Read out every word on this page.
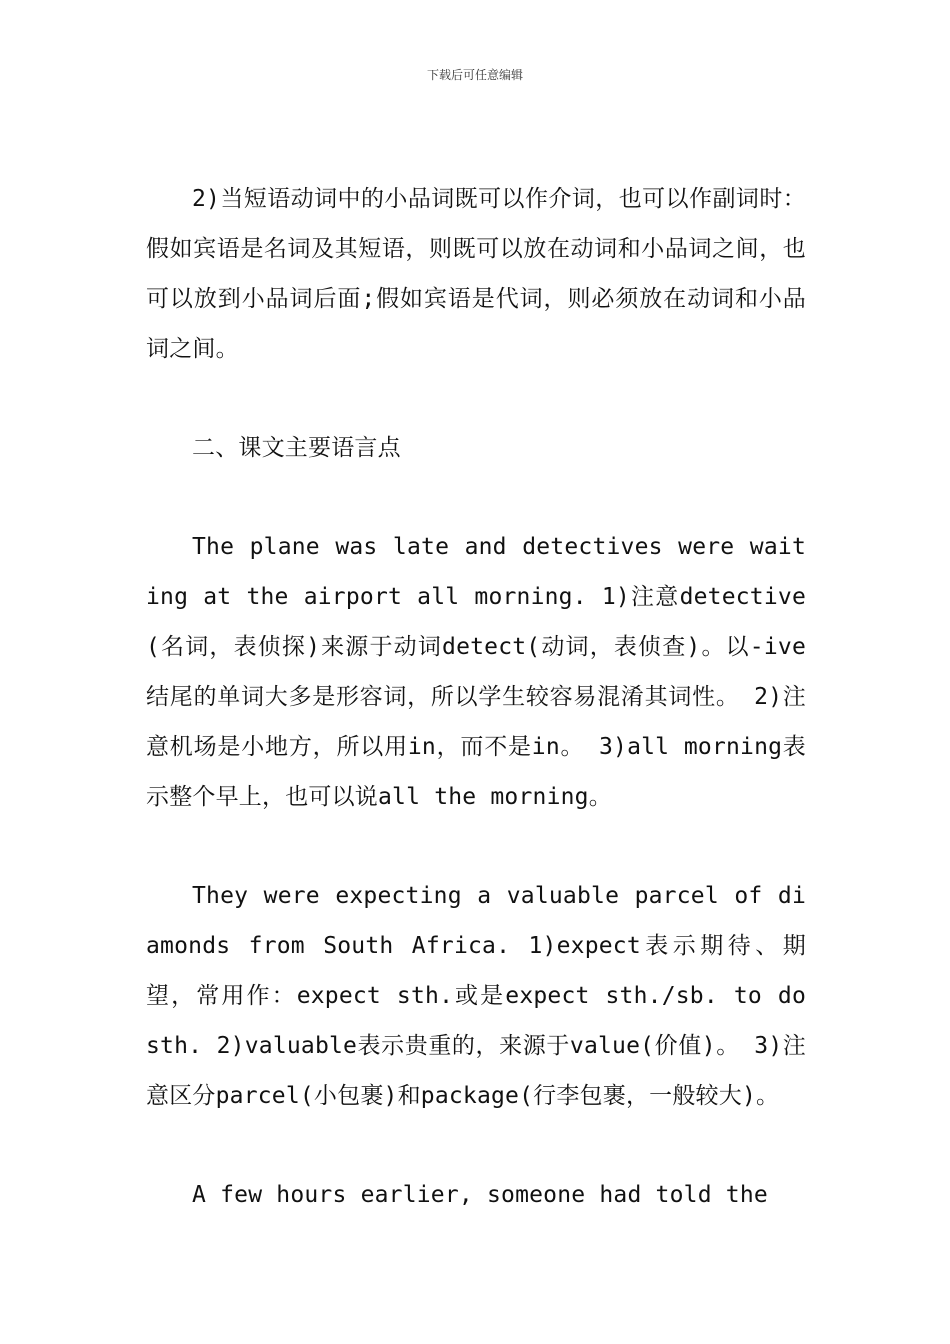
下载后可任意编辑

2)当短语动词中的小品词既可以作介词，也可以作副词时：假如宾语是名词及其短语，则既可以放在动词和小品词之间，也可以放到小品词后面;假如宾语是代词，则必须放在动词和小品词之间。

二、课文主要语言点

The plane was late and detectives were waiting at the airport all morning. 1)注意detective(名词，表侦探)来源于动词detect(动词，表侦查)。以-ive结尾的单词大多是形容词，所以学生较容易混淆其词性。 2)注意机场是小地方，所以用in，而不是in。 3)all morning表示整个早上，也可以说all the morning。

They were expecting a valuable parcel of diamonds from South Africa. 1)expect表示期待、期望，常用作：expect sth.或是expect sth./sb. to do sth. 2)valuable表示贵重的，来源于value(价值)。 3)注意区分parcel(小包裹)和package(行李包裹，一般较大)。

A few hours earlier, someone had told the
